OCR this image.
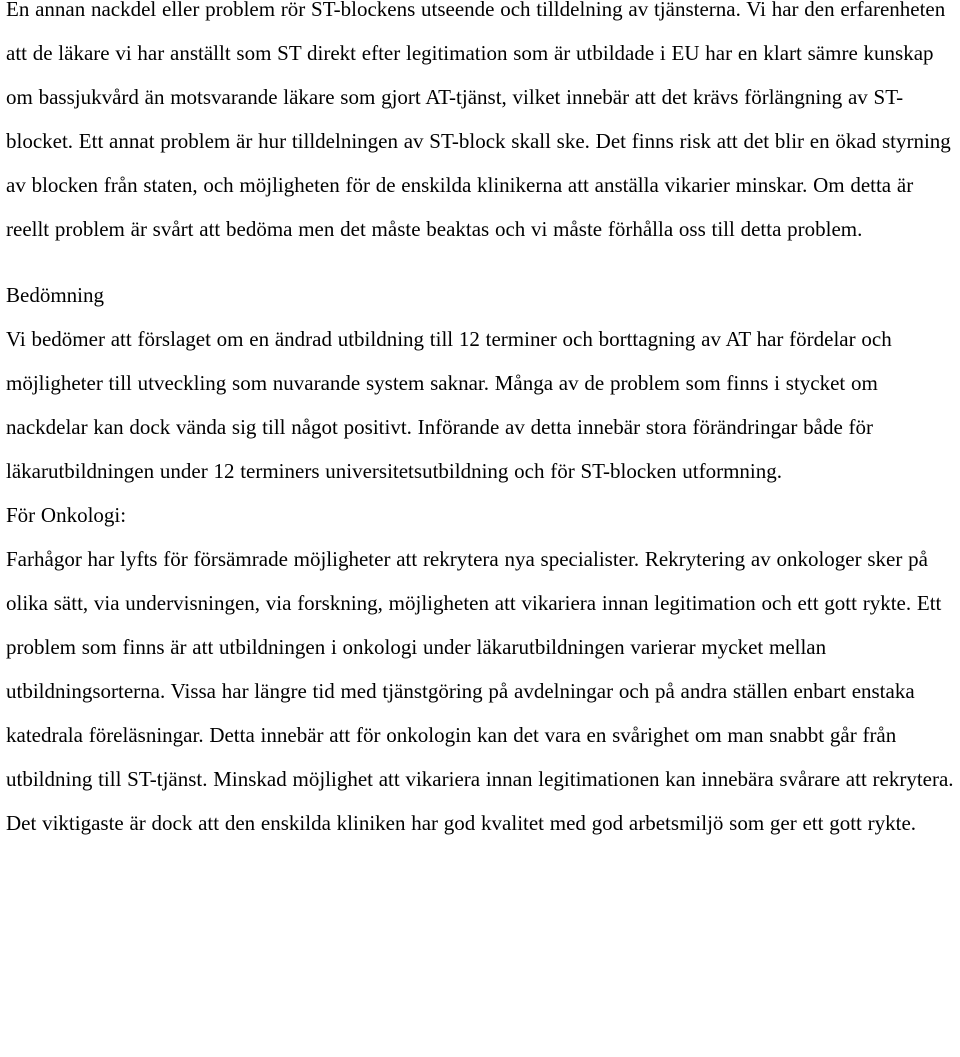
En annan nackdel eller problem rör ST-blockens utseende och tilldelning av tjänsterna. Vi har den erfarenheten att de läkare vi har anställt som ST direkt efter legitimation som är utbildade i EU har en klart sämre kunskap om bassjukvård än motsvarande läkare som gjort AT-tjänst, vilket innebär att det krävs förlängning av ST-blocket. Ett annat problem är hur tilldelningen av ST-block skall ske. Det finns risk att det blir en ökad styrning av blocken från staten, och möjligheten för de enskilda klinikerna att anställa vikarier minskar. Om detta är reellt problem är svårt att bedöma men det måste beaktas och vi måste förhålla oss till detta problem.

Bedömning

Vi bedömer att förslaget om en ändrad utbildning till 12 terminer och borttagning av AT har fördelar och möjligheter till utveckling som nuvarande system saknar. Många av de problem som finns i stycket om nackdelar kan dock vända sig till något positivt. Införande av detta innebär stora förändringar både för läkarutbildningen under 12 terminers universitetsutbildning och för ST-blocken utformning.

För Onkologi:

Farhågor har lyfts för försämrade möjligheter att rekrytera nya specialister. Rekrytering av onkologer sker på olika sätt, via undervisningen, via forskning, möjligheten att vikariera innan legitimation och ett gott rykte. Ett problem som finns är att utbildningen i onkologi under läkarutbildningen varierar mycket mellan utbildningsorterna. Vissa har längre tid med tjänstgöring på avdelningar och på andra ställen enbart enstaka katedrala föreläsningar. Detta innebär att för onkologin kan det vara en svårighet om man snabbt går från utbildning till ST-tjänst. Minskad möjlighet att vikariera innan legitimationen kan innebära svårare att rekrytera. Det viktigaste är dock att den enskilda kliniken har god kvalitet med god arbetsmiljö som ger ett gott rykte.
